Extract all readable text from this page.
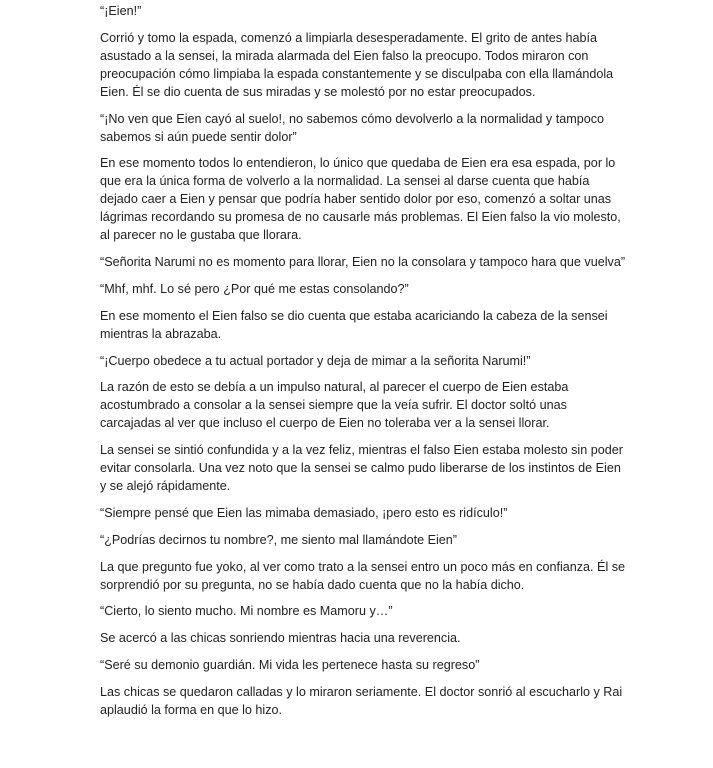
“¡Eien!”

Corrió y tomo la espada, comenzó a limpiarla desesperadamente. El grito de antes había asustado a la sensei, la mirada alarmada del Eien falso la preocupo. Todos miraron con preocupación cómo limpiaba la espada constantemente y se disculpaba con ella llamándola Eien. Él se dio cuenta de sus miradas y se molestó por no estar preocupados.

“¡No ven que Eien cayó al suelo!, no sabemos cómo devolverlo a la normalidad y tampoco sabemos si aún puede sentir dolor”

En ese momento todos lo entendieron, lo único que quedaba de Eien era esa espada, por lo que era la única forma de volverlo a la normalidad. La sensei al darse cuenta que había dejado caer a Eien y pensar que podría haber sentido dolor por eso, comenzó a soltar unas lágrimas recordando su promesa de no causarle más problemas. El Eien falso la vio molesto, al parecer no le gustaba que llorara.

“Señorita Narumi no es momento para llorar, Eien no la consolara y tampoco hara que vuelva”

“Mhf, mhf. Lo sé pero ¿Por qué me estas consolando?”

En ese momento el Eien falso se dio cuenta que estaba acariciando la cabeza de la sensei mientras la abrazaba.

“¡Cuerpo obedece a tu actual portador y deja de mimar a la señorita Narumi!”

La razón de esto se debía a un impulso natural, al parecer el cuerpo de Eien estaba acostumbrado a consolar a la sensei siempre que la veía sufrir. El doctor soltó unas carcajadas al ver que incluso el cuerpo de Eien no toleraba ver a la sensei llorar.

La sensei se sintió confundida y a la vez feliz, mientras el falso Eien estaba molesto sin poder evitar consolarla. Una vez noto que la sensei se calmo pudo liberarse de los instintos de Eien y se alejó rápidamente.

“Siempre pensé que Eien las mimaba demasiado, ¡pero esto es ridículo!”

“¿Podrías decirnos tu nombre?, me siento mal llamándote Eien”

La que pregunto fue yoko, al ver como trato a la sensei entro un poco más en confianza. Él se sorprendió por su pregunta, no se había dado cuenta que no la había dicho.

“Cierto, lo siento mucho. Mi nombre es Mamoru y…”

Se acercó a las chicas sonriendo mientras hacia una reverencia.

“Seré su demonio guardián. Mi vida les pertenece hasta su regreso”

Las chicas se quedaron calladas y lo miraron seriamente. El doctor sonrió al escucharlo y Rai aplaudió la forma en que lo hizo.
